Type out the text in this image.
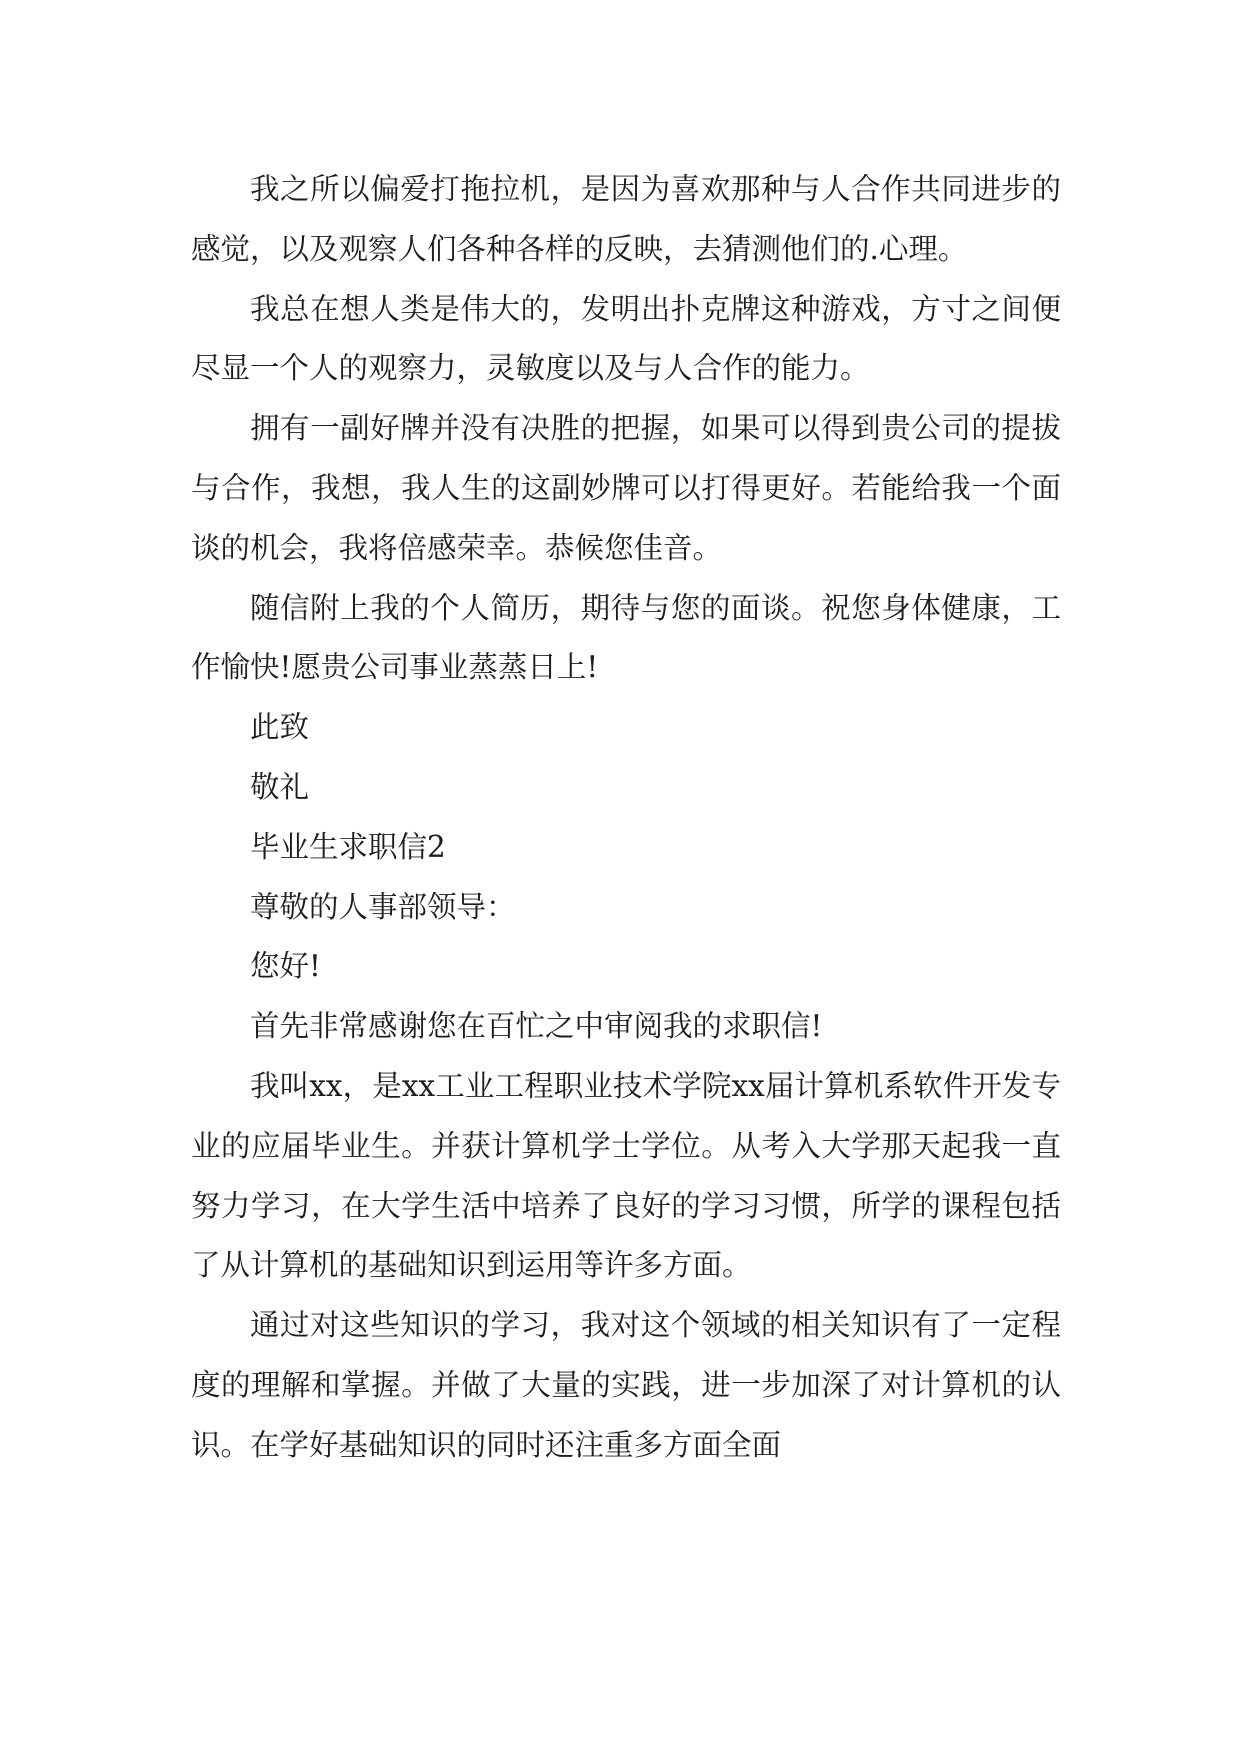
我之所以偏爱打拖拉机，是因为喜欢那种与人合作共同进步的感觉，以及观察人们各种各样的反映，去猜测他们的.心理。

我总在想人类是伟大的，发明出扑克牌这种游戏，方寸之间便尽显一个人的观察力，灵敏度以及与人合作的能力。

拥有一副好牌并没有决胜的把握，如果可以得到贵公司的提拔与合作，我想，我人生的这副妙牌可以打得更好。若能给我一个面谈的机会，我将倍感荣幸。恭候您佳音。

随信附上我的个人简历，期待与您的面谈。祝您身体健康，工作愉快!愿贵公司事业蒸蒸日上!

此致

敬礼

毕业生求职信2

尊敬的人事部领导：

您好!

首先非常感谢您在百忙之中审阅我的求职信!

我叫xx，是xx工业工程职业技术学院xx届计算机系软件开发专业的应届毕业生。并获计算机学士学位。从考入大学那天起我一直努力学习，在大学生活中培养了良好的学习习惯，所学的课程包括了从计算机的基础知识到运用等许多方面。

通过对这些知识的学习，我对这个领域的相关知识有了一定程度的理解和掌握。并做了大量的实践，进一步加深了对计算机的认识。在学好基础知识的同时还注重多方面全面
